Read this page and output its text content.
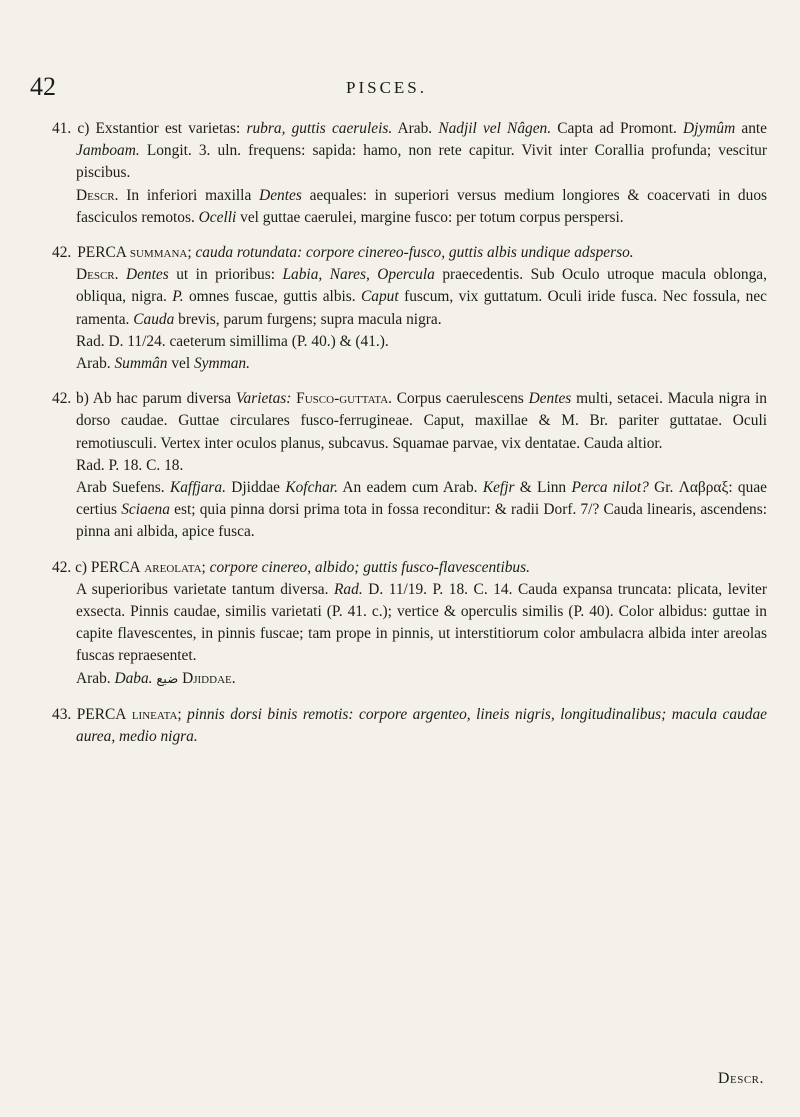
42	PISCES.

41. c) Exstantior est varietas: rubra, guttis caeruleis. Arab. Nadjil vel Nâgen. Capta ad Promont. Djymûm ante Jamboam. Longit. 3. uln. frequens: sapida: hamo, non rete capitur. Vivit inter Corallia profunda; vescitur piscibus.

Descr. In inferiori maxilla Dentes aequales: in superiori versus medium longiores & coacervati in duos fasciculos remotos. Ocelli vel guttae caerulei, margine fusco: per totum corpus perspersi.

42. PERCA summana; cauda rotundata: corpore cinereo-fusco, guttis albis undique adsperso.

Descr. Dentes ut in prioribus: Labia, Nares, Opercula praecedentis. Sub Oculo utroque macula oblonga, obliqua, nigra. P. omnes fuscae, guttis albis. Caput fuscum, vix guttatum. Oculi iride fusca. Nec fossula, nec ramenta. Cauda brevis, parum furgens; supra macula nigra.

Rad. D. 11/24. caeterum simillima (P. 40.) & (41.).

Arab. Summân vel Symman.

42. b) Ab hac parum diversa Varietas: Fusco-guttata. Corpus caerulescens Dentes multi, setacei. Macula nigra in dorso caudae. Guttae circulares fusco-ferrugineae. Caput, maxillae & M. Br. pariter guttatae. Oculi remotiusculi. Vertex inter oculos planus, subcavus. Squamae parvae, vix dentatae. Cauda altior.

Rad. P. 18. C. 18.

Arab Suefens. Kaffjara. Djiddae Kofchar. An eadem cum Arab. Kefjr & Linn Perca nilot? Gr. Λαβραξ: quae certius Sciaena est; quia pinna dorsi prima tota in fossa reconditur: & radii Dorf. 7/? Cauda linearis, ascendens: pinna ani albida, apice fusca.

42. c) PERCA areolata; corpore cinereo, albido; guttis fusco-flavescentibus.

A superioribus varietate tantum diversa. Rad. D. 11/19. P. 18. C. 14. Cauda expansa truncata: plicata, leviter exsecta. Pinnis caudae, similis varietati (P. 41. c.); vertice & operculis similis (P. 40). Color albidus: guttae in capite flavescentes, in pinnis fuscae; tam prope in pinnis, ut interstitiorum color ambulacra albida inter areolas fuscas repraesentet.

Arab. Daba. ضبع Djiddae.

43. PERCA lineata; pinnis dorsi binis remotis: corpore argenteo, lineis nigris, longitudinalibus; macula caudae aurea, medio nigra.

Descr.
